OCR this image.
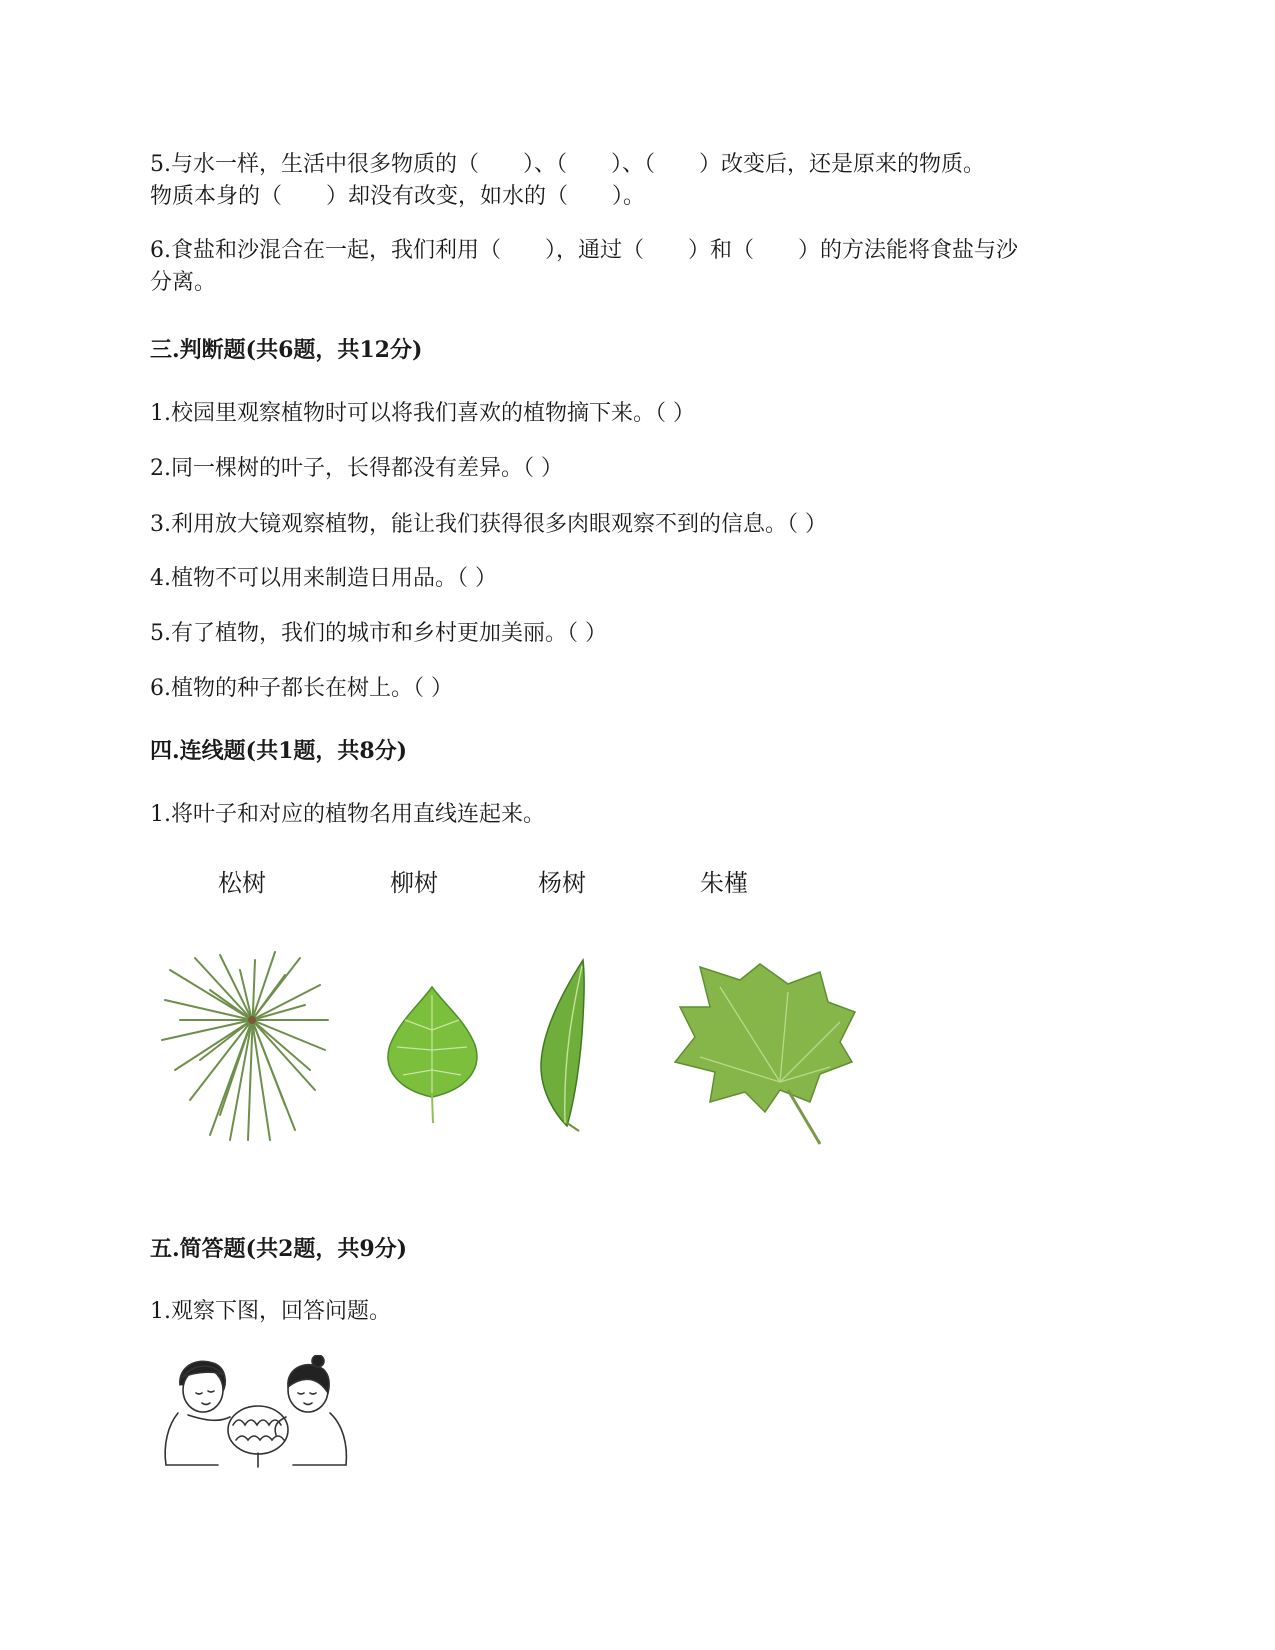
5.与水一样，生活中很多物质的（　　）、（　　）、（　　）改变后，还是原来的物质。
物质本身的（　　）却没有改变，如水的（　　）。
6.食盐和沙混合在一起，我们利用（　　），通过（　　）和（　　）的方法能将食盐与沙
分离。
三.判断题(共6题，共12分)
1.校园里观察植物时可以将我们喜欢的植物摘下来。（ ）
2.同一棵树的叶子，长得都没有差异。（ ）
3.利用放大镜观察植物，能让我们获得很多肉眼观察不到的信息。（ ）
4.植物不可以用来制造日用品。（ ）
5.有了植物，我们的城市和乡村更加美丽。（ ）
6.植物的种子都长在树上。（ ）
四.连线题(共1题，共8分)
1.将叶子和对应的植物名用直线连起来。
松树	柳树	杨树	朱槿
五.简答题(共2题，共9分)
1.观察下图，回答问题。
